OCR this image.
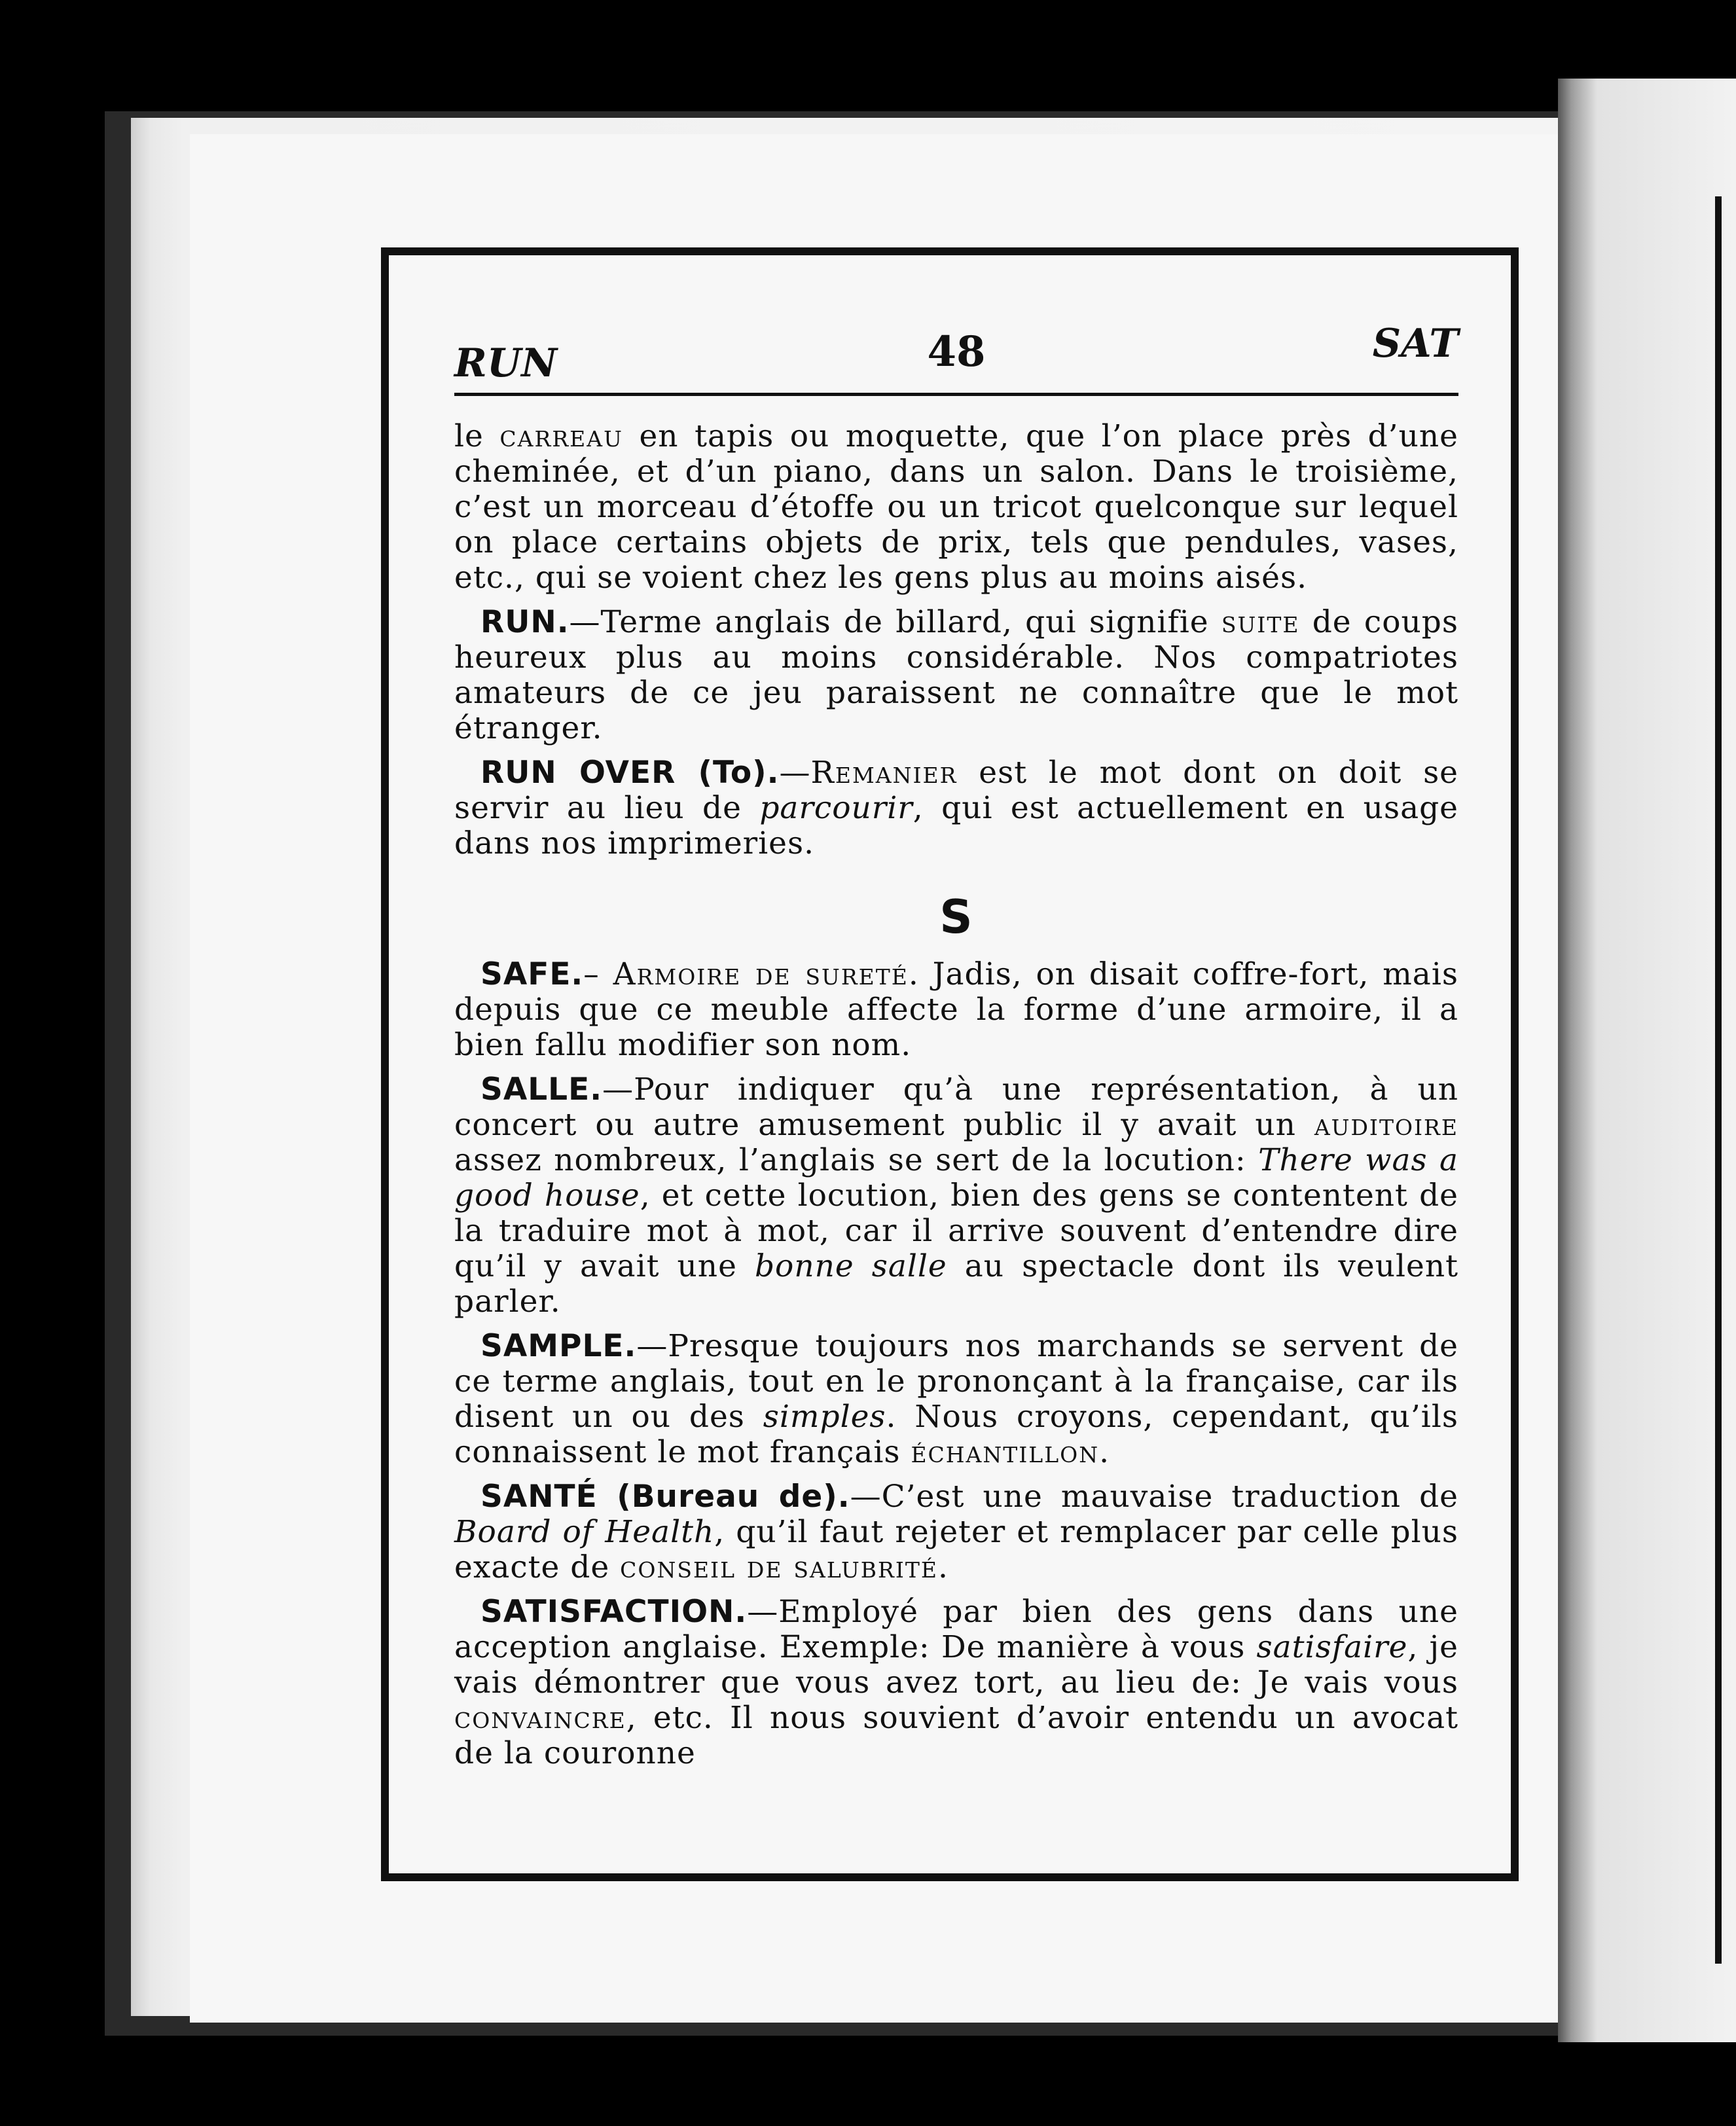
RUN	48	SAT

le carreau en tapis ou moquette, que l’on place près d’une cheminée, et d’un piano, dans un salon. Dans le troisième, c’est un morceau d’étoffe ou un tricot quelconque sur lequel on place certains objets de prix, tels que pendules, vases, etc., qui se voient chez les gens plus au moins aisés.

RUN.—Terme anglais de billard, qui signifie suite de coups heureux plus au moins considérable. Nos compatriotes amateurs de ce jeu paraissent ne connaître que le mot étranger.

RUN OVER (To).—Remanier est le mot dont on doit se servir au lieu de parcourir, qui est actuellement en usage dans nos imprimeries.

S

SAFE.– Armoire de sureté. Jadis, on disait coffre-fort, mais depuis que ce meuble affecte la forme d’une armoire, il a bien fallu modifier son nom.

SALLE.—Pour indiquer qu’à une représentation, à un concert ou autre amusement public il y avait un auditoire assez nombreux, l’anglais se sert de la locution: There was a good house, et cette locution, bien des gens se contentent de la traduire mot à mot, car il arrive souvent d’entendre dire qu’il y avait une bonne salle au spectacle dont ils veulent parler.

SAMPLE.—Presque toujours nos marchands se servent de ce terme anglais, tout en le prononçant à la française, car ils disent un ou des simples. Nous croyons, cependant, qu’ils connaissent le mot français échantillon.

SANTÉ (Bureau de).—C’est une mauvaise traduction de Board of Health, qu’il faut rejeter et remplacer par celle plus exacte de conseil de salubrité.

SATISFACTION.—Employé par bien des gens dans une acception anglaise. Exemple: De manière à vous satisfaire, je vais démontrer que vous avez tort, au lieu de: Je vais vous convaincre, etc. Il nous souvient d’avoir entendu un avocat de la couronne
